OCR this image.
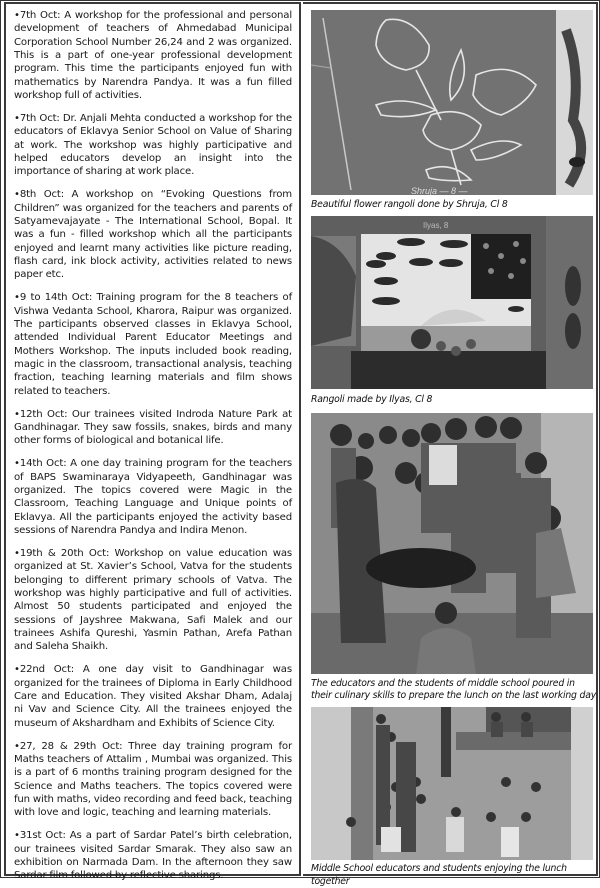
•7th Oct: A workshop for the professional and personal development of teachers of Ahmedabad Municipal Corporation School Number 26,24 and 2 was organized. This is a part of one-year professional development program. This time the participants enjoyed fun with mathematics by Narendra Pandya. It was a fun filled workshop full of activities.

•7th Oct: Dr. Anjali Mehta conducted a workshop for the educators of Eklavya Senior School on Value of Sharing at work. The workshop was highly participative and helped educators develop an insight into the importance of sharing at work place.

•8th Oct: A workshop on “Evoking Questions from Children” was organized for the teachers and parents of Satyamevajayate - The International School, Bopal. It was a fun - filled workshop which all the participants enjoyed and learnt many activities like picture reading, flash card, ink block activity, activities related to news paper etc.

•9 to 14th Oct: Training program for the 8 teachers of Vishwa Vedanta School, Kharora, Raipur was organized. The participants observed classes in Eklavya School, attended Individual Parent Educator Meetings and Mothers Workshop. The inputs included book reading, magic in the classroom, transactional analysis, teaching fraction, teaching learning materials and film shows related to teachers.

•12th Oct: Our trainees visited Indroda Nature Park at Gandhinagar. They saw fossils, snakes, birds and many other forms of biological and botanical life.

•14th Oct: A one day training program for the teachers of BAPS Swaminaraya Vidyapeeth, Gandhinagar was organized. The topics covered were Magic in the Classroom, Teaching Language and Unique points of Eklavya. All the participants enjoyed the activity based sessions of Narendra Pandya and Indira Menon.

•19th & 20th Oct: Workshop on value education was organized at St. Xavier’s School, Vatva for the students belonging to different primary schools of Vatva. The workshop was highly participative and full of activities. Almost 50 students participated and enjoyed the sessions of Jayshree Makwana, Safi Malek and our trainees Ashifa Qureshi, Yasmin Pathan, Arefa Pathan and Saleha Shaikh.

•22nd Oct: A one day visit to Gandhinagar was organized for the trainees of Diploma in Early Childhood Care and Education. They visited Akshar Dham, Adalaj ni Vav and Science City. All the trainees enjoyed the museum of Akshardham and Exhibits of Science City.

•27, 28 & 29th Oct: Three day training program for Maths teachers of Attalim , Mumbai was organized. This is a part of 6 months training program designed for the Science and Maths teachers. The topics covered were fun with maths, video recording and feed back, teaching with love and logic, teaching and learning materials.

•31st Oct: As a part of Sardar Patel’s birth celebration, our trainees visited Sardar Smarak. They also saw an exhibition on Narmada Dam. In the afternoon they saw Sardar film followed by reflective sharings.

Shruja — 8 —
Beautiful flower rangoli done by Shruja, Cl 8
Ilyas, 8
Rangoli made by Ilyas, Cl 8
The educators and the students of middle school poured in their culinary skills to prepare the lunch on the last working day
Middle School educators and students enjoying the lunch together
